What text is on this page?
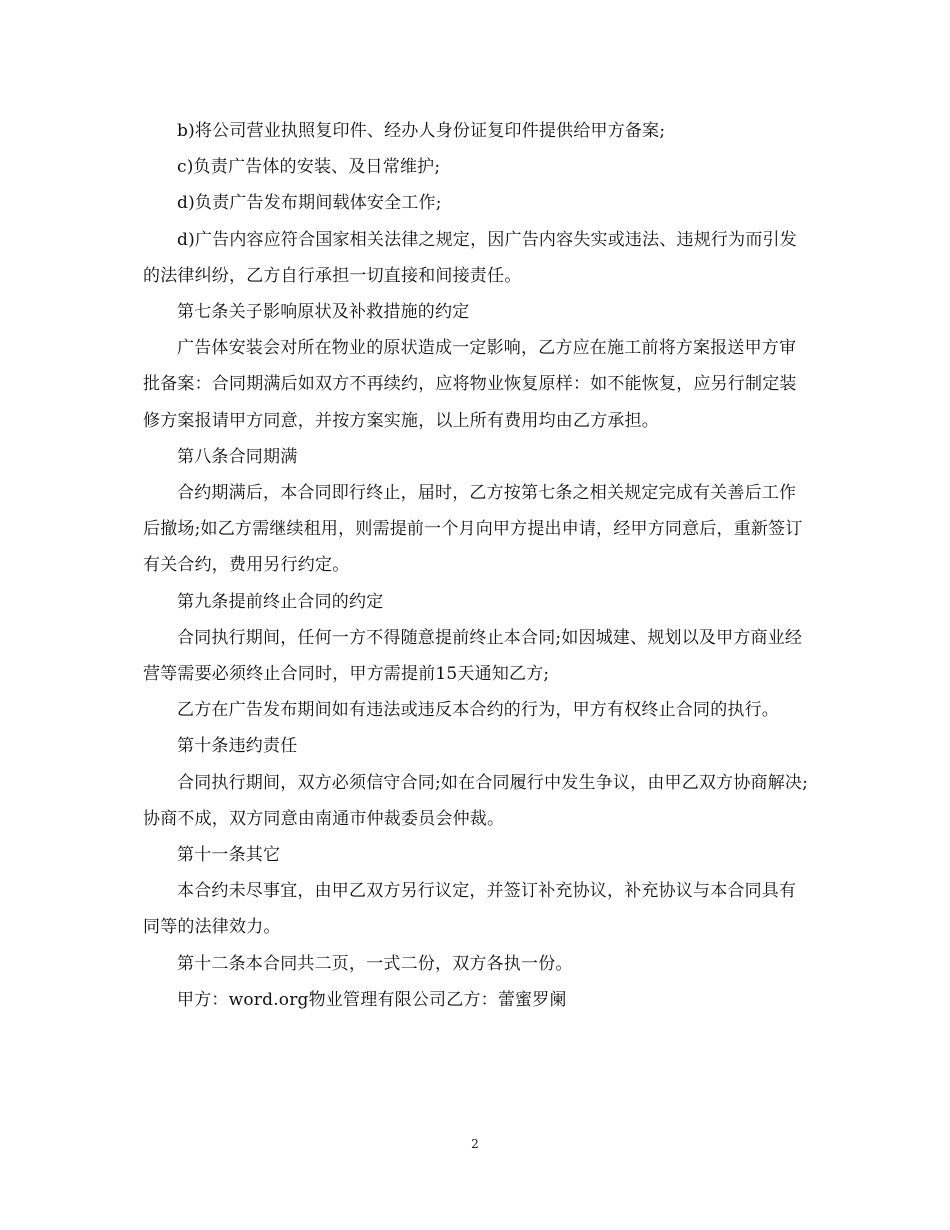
b)将公司营业执照复印件、经办人身份证复印件提供给甲方备案;

c)负责广告体的安装、及日常维护;

d)负责广告发布期间载体安全工作;

d)广告内容应符合国家相关法律之规定，因广告内容失实或违法、违规行为而引发的法律纠纷，乙方自行承担一切直接和间接责任。

第七条关子影响原状及补救措施的约定

广告体安装会对所在物业的原状造成一定影响，乙方应在施工前将方案报送甲方审批备案：合同期满后如双方不再续约，应将物业恢复原样：如不能恢复，应另行制定装修方案报请甲方同意，并按方案实施，以上所有费用均由乙方承担。

第八条合同期满

合约期满后，本合同即行终止，届时，乙方按第七条之相关规定完成有关善后工作后撤场;如乙方需继续租用，则需提前一个月向甲方提出申请，经甲方同意后，重新签订有关合约，费用另行约定。

第九条提前终止合同的约定

合同执行期间，任何一方不得随意提前终止本合同;如因城建、规划以及甲方商业经营等需要必须终止合同时，甲方需提前15天通知乙方;

乙方在广告发布期间如有违法或违反本合约的行为，甲方有权终止合同的执行。

第十条违约责任

合同执行期间，双方必须信守合同;如在合同履行中发生争议，由甲乙双方协商解决;协商不成，双方同意由南通市仲裁委员会仲裁。

第十一条其它

本合约未尽事宜，由甲乙双方另行议定，并签订补充协议，补充协议与本合同具有同等的法律效力。

第十二条本合同共二页，一式二份，双方各执一份。

甲方：word.org物业管理有限公司乙方：蕾蜜罗阑

2
